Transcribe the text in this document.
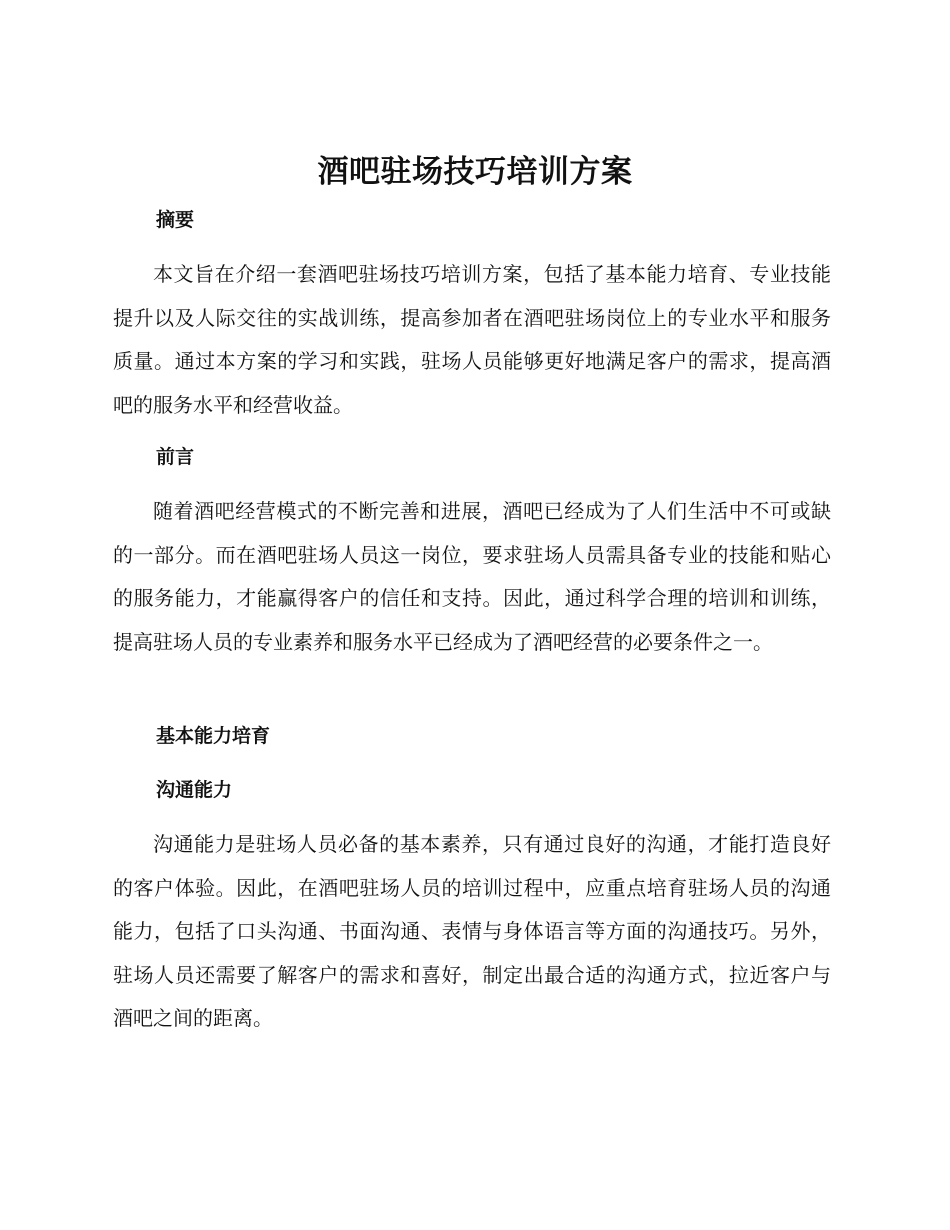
酒吧驻场技巧培训方案
摘要

本文旨在介绍一套酒吧驻场技巧培训方案，包括了基本能力培育、专业技能提升以及人际交往的实战训练，提高参加者在酒吧驻场岗位上的专业水平和服务质量。通过本方案的学习和实践，驻场人员能够更好地满足客户的需求，提高酒吧的服务水平和经营收益。

前言

随着酒吧经营模式的不断完善和进展，酒吧已经成为了人们生活中不可或缺的一部分。而在酒吧驻场人员这一岗位，要求驻场人员需具备专业的技能和贴心的服务能力，才能赢得客户的信任和支持。因此，通过科学合理的培训和训练，提高驻场人员的专业素养和服务水平已经成为了酒吧经营的必要条件之一。

基本能力培育
沟通能力

沟通能力是驻场人员必备的基本素养，只有通过良好的沟通，才能打造良好的客户体验。因此，在酒吧驻场人员的培训过程中，应重点培育驻场人员的沟通能力，包括了口头沟通、书面沟通、表情与身体语言等方面的沟通技巧。另外，驻场人员还需要了解客户的需求和喜好，制定出最合适的沟通方式，拉近客户与酒吧之间的距离。
